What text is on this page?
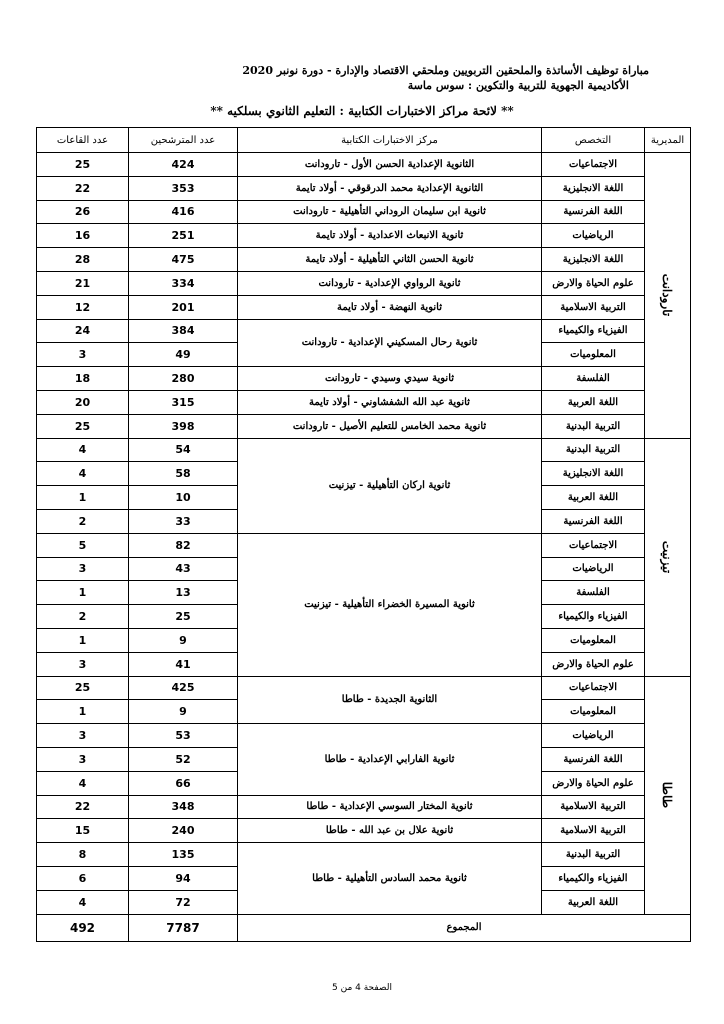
مباراة توظيف الأساتذة والملحقين التربويين وملحقي الاقتصاد والإدارة - دورة نونبر 2020
الأكاديمية الجهوية للتربية والتكوين : سوس ماسة
** لائحة مراكز الاختبارات الكتابية : التعليم الثانوي بسلكيه **
عدد القاعات	عدد المترشحين	مركز الاختبارات الكتابية	التخصص	المديرية
25	424	الثانوية الإعدادية الحسن الأول - تارودانت	الاجتماعيات	تارودانت
22	353	الثانوية الإعدادية محمد الدرقوقي - أولاد تايمة	اللغة الانجليزية	
26	416	ثانوية ابن سليمان الروداني التأهيلية - تارودانت	اللغة الفرنسية	
16	251	ثانوية الانبعاث الاعدادية - أولاد تايمة	الرياضيات	
28	475	ثانوية الحسن الثاني التأهيلية - أولاد تايمة	اللغة الانجليزية	
21	334	ثانوية الرواوي الإعدادية - تارودانت	علوم الحياة والارض	
12	201	ثانوية النهضة - أولاد تايمة	التربية الاسلامية	
24	384	ثانوية رحال المسكيني الإعدادية - تارودانت	الفيزياء والكيمياء	
3	49		المعلوميات	
18	280	ثانوية سيدي وسيدي - تارودانت	الفلسفة	
20	315	ثانوية عبد الله الشفشاوني - أولاد تايمة	اللغة العربية	
25	398	ثانوية محمد الخامس للتعليم الأصيل - تارودانت	التربية البدنية	
4	54	ثانوية اركان التأهيلية - تيزنيت	التربية البدنية	تيزنيت
4	58		اللغة الانجليزية	
1	10		اللغة العربية	
2	33		اللغة الفرنسية	
5	82	ثانوية المسيرة الخضراء التأهيلية - تيزنيت	الاجتماعيات	
3	43		الرياضيات	
1	13		الفلسفة	
2	25		الفيزياء والكيمياء	
1	9		المعلوميات	
3	41		علوم الحياة والارض	
25	425	الثانوية الجديدة - طاطا	الاجتماعيات	طاطا
1	9		المعلوميات	
3	53	ثانوية الفارابي الإعدادية - طاطا	الرياضيات	
3	52		اللغة الفرنسية	
4	66		علوم الحياة والارض	
22	348	ثانوية المختار السوسي الإعدادية - طاطا	التربية الاسلامية	
15	240	ثانوية علال بن عبد الله - طاطا	التربية الاسلامية	
8	135	ثانوية محمد السادس التأهيلية - طاطا	التربية البدنية	
6	94		الفيزياء والكيمياء	
4	72		اللغة العربية	
492	7787	المجموع		
الصفحة 4 من 5
